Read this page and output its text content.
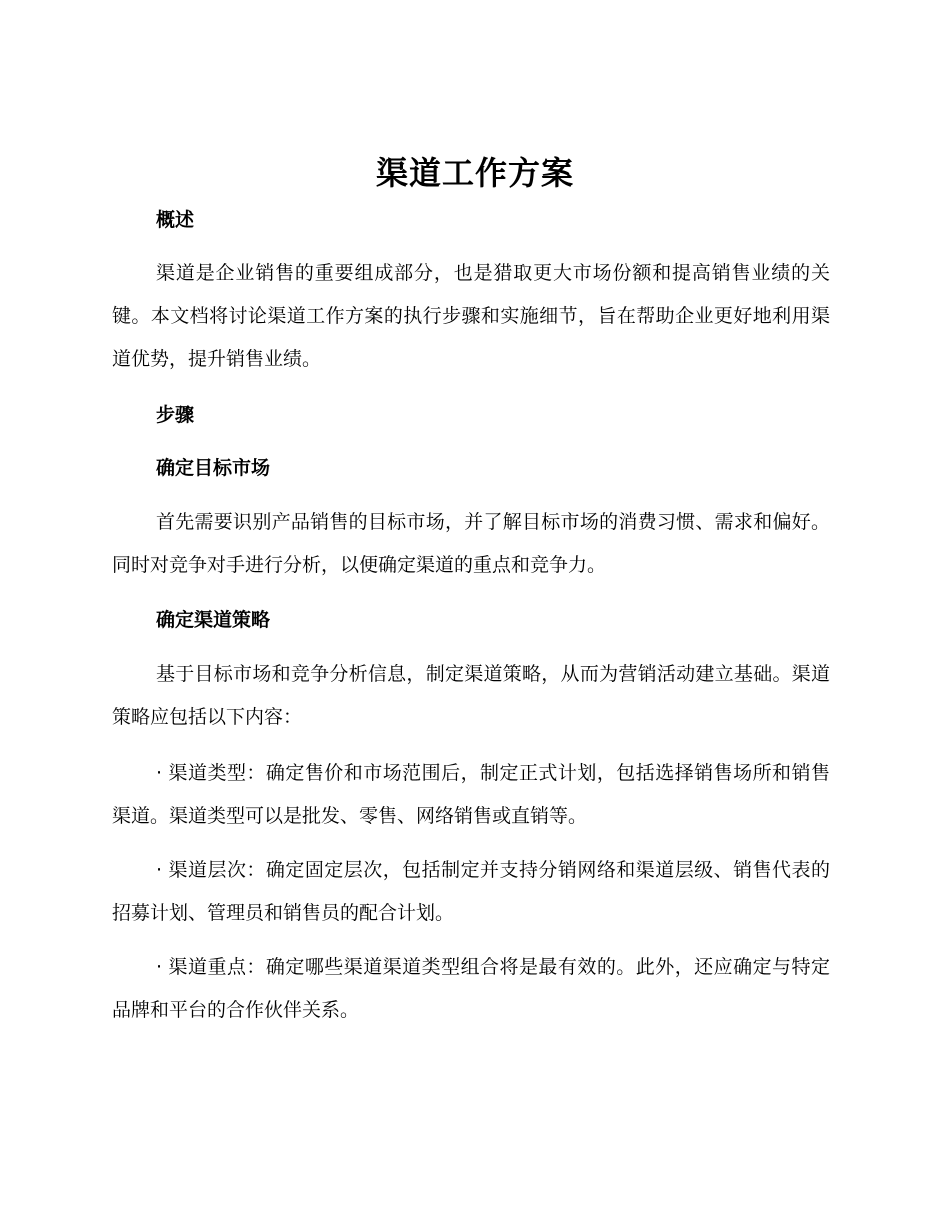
渠道工作方案
概述
渠道是企业销售的重要组成部分，也是猎取更大市场份额和提高销售业绩的关键。本文档将讨论渠道工作方案的执行步骤和实施细节，旨在帮助企业更好地利用渠道优势，提升销售业绩。
步骤
确定目标市场
首先需要识别产品销售的目标市场，并了解目标市场的消费习惯、需求和偏好。同时对竞争对手进行分析，以便确定渠道的重点和竞争力。
确定渠道策略
基于目标市场和竞争分析信息，制定渠道策略，从而为营销活动建立基础。渠道策略应包括以下内容：
· 渠道类型：确定售价和市场范围后，制定正式计划，包括选择销售场所和销售渠道。渠道类型可以是批发、零售、网络销售或直销等。
· 渠道层次：确定固定层次，包括制定并支持分销网络和渠道层级、销售代表的招募计划、管理员和销售员的配合计划。
· 渠道重点：确定哪些渠道渠道类型组合将是最有效的。此外，还应确定与特定品牌和平台的合作伙伴关系。
